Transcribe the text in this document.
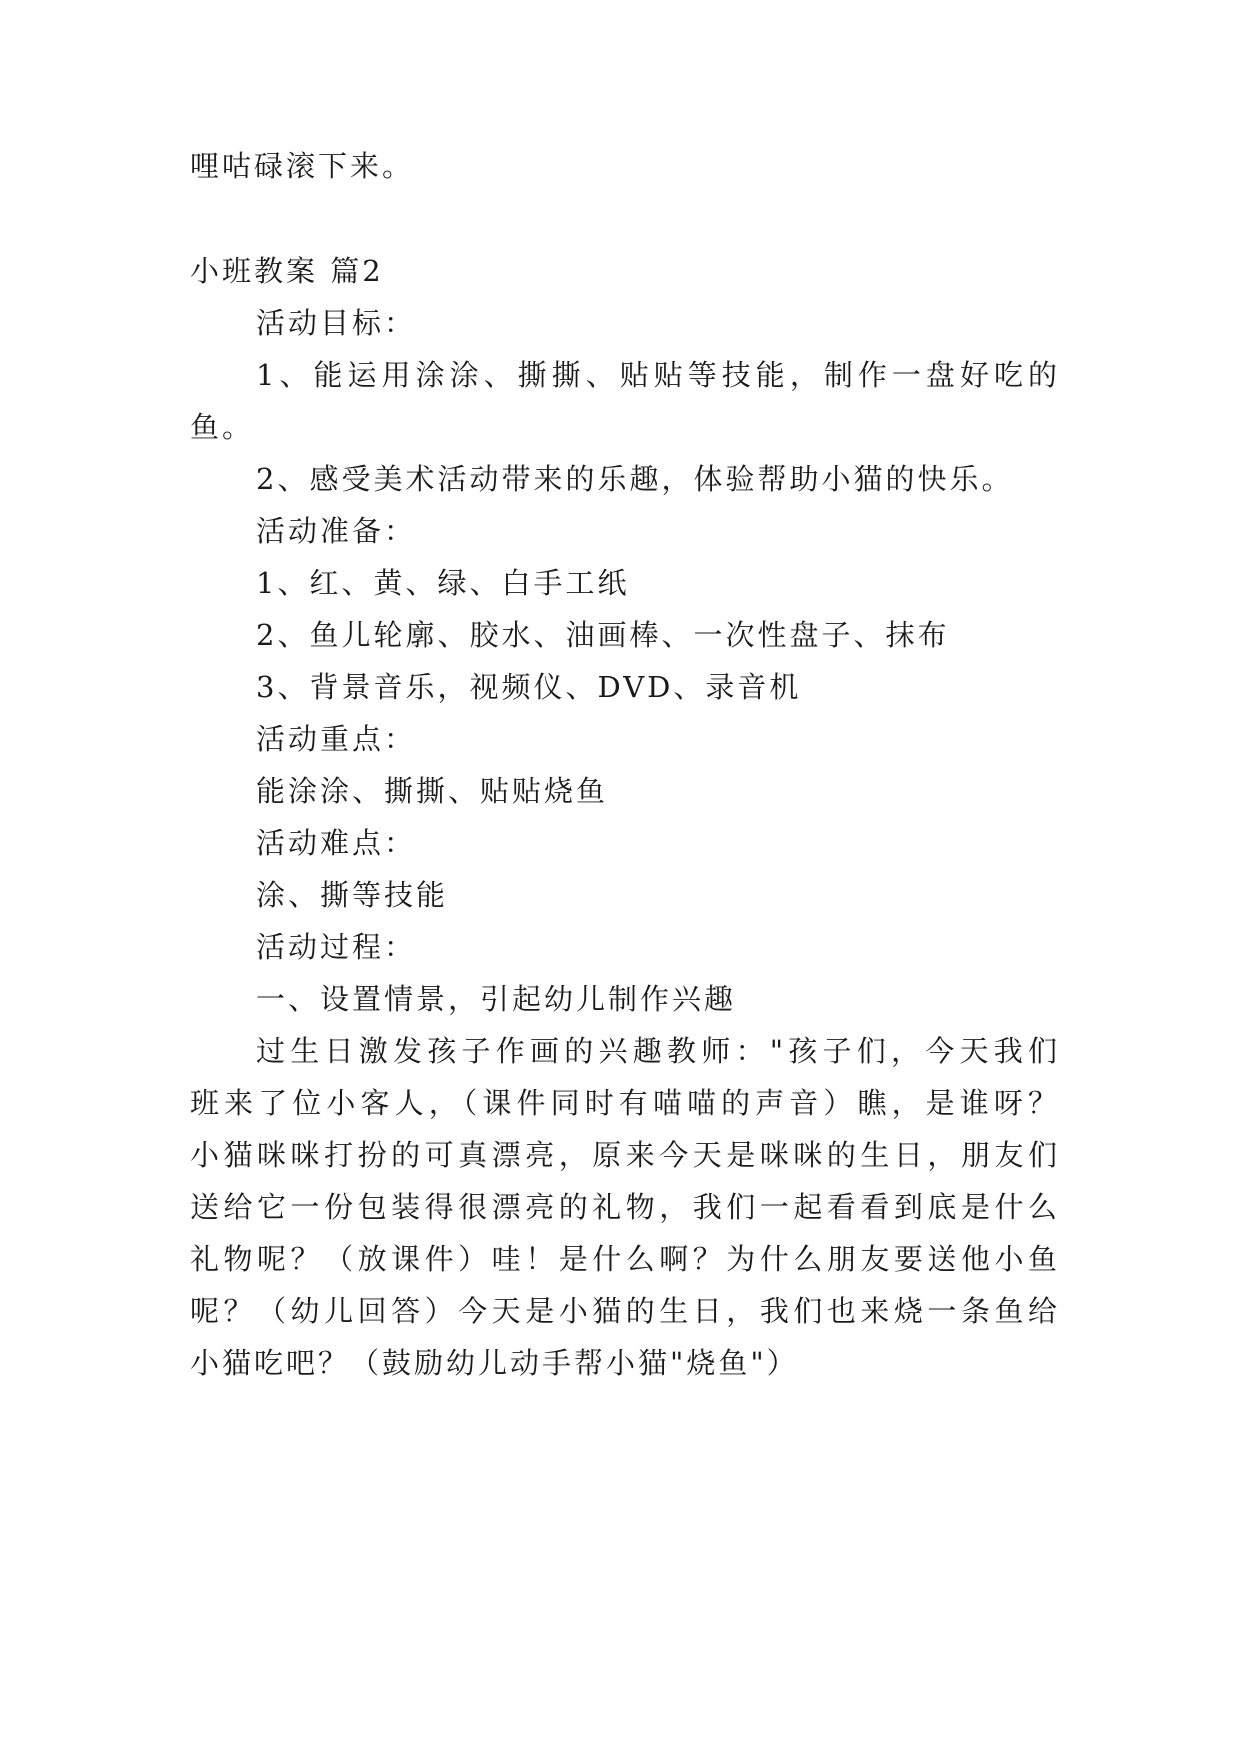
哩咕碌滚下来。

小班教案 篇2

活动目标：

1、能运用涂涂、撕撕、贴贴等技能，制作一盘好吃的

鱼。

2、感受美术活动带来的乐趣，体验帮助小猫的快乐。

活动准备：

1、红、黄、绿、白手工纸

2、鱼儿轮廓、胶水、油画棒、一次性盘子、抹布

3、背景音乐，视频仪、DVD、录音机

活动重点：

能涂涂、撕撕、贴贴烧鱼

活动难点：

涂、撕等技能

活动过程：

一、设置情景，引起幼儿制作兴趣

过生日激发孩子作画的兴趣教师："孩子们，今天我们

班来了位小客人，（课件同时有喵喵的声音）瞧，是谁呀？

小猫咪咪打扮的可真漂亮，原来今天是咪咪的生日，朋友们

送给它一份包装得很漂亮的礼物，我们一起看看到底是什么

礼物呢？（放课件）哇！是什么啊？为什么朋友要送他小鱼

呢？（幼儿回答）今天是小猫的生日，我们也来烧一条鱼给

小猫吃吧？（鼓励幼儿动手帮小猫"烧鱼"）
